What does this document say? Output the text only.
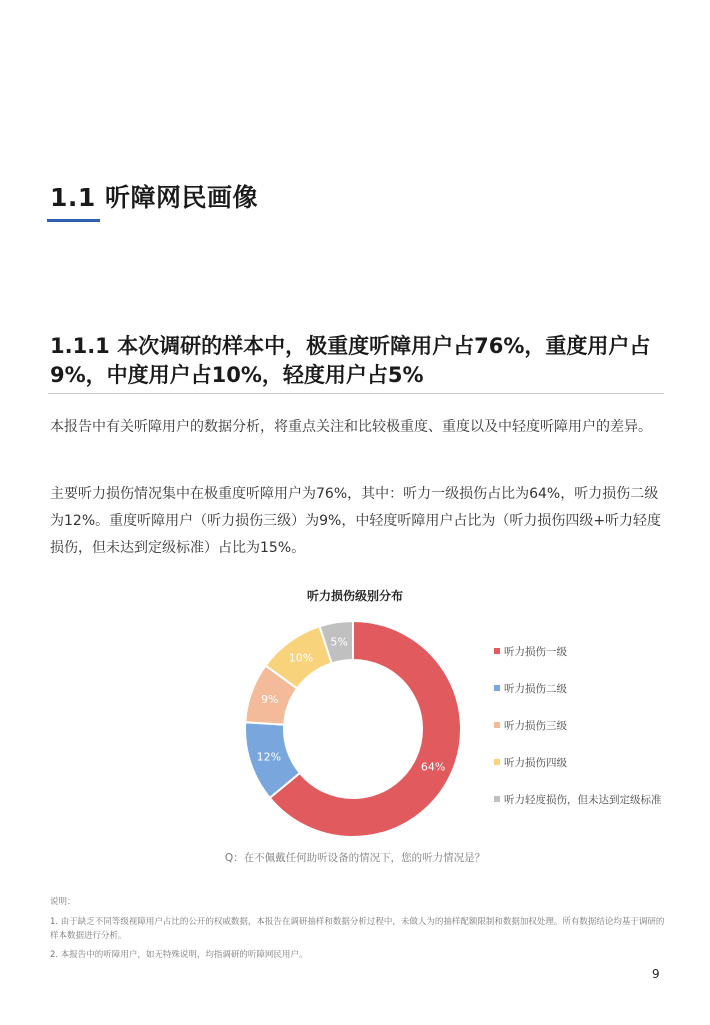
1.1 听障网民画像
1.1.1 本次调研的样本中，极重度听障用户占76%，重度用户占9%，中度用户占10%，轻度用户占5%

本报告中有关听障用户的数据分析，将重点关注和比较极重度、重度以及中轻度听障用户的差异。

主要听力损伤情况集中在极重度听障用户为76%，其中：听力一级损伤占比为64%，听力损伤二级为12%。重度听障用户（听力损伤三级）为9%，中轻度听障用户占比为（听力损伤四级+听力轻度损伤，但未达到定级标准）占比为15%。

听力损伤级别分布
64%
12%
9%
10%
5%
听力损伤一级
听力损伤二级
听力损伤三级
听力损伤四级
听力轻度损伤，但未达到定级标准
Q：在不佩戴任何助听设备的情况下，您的听力情况是？

说明：

1. 由于缺乏不同等级视障用户占比的公开的权威数据，本报告在调研抽样和数据分析过程中，未做人为的抽样配额限制和数据加权处理。所有数据结论均基于调研的样本数据进行分析。

2. 本报告中的听障用户，如无特殊说明，均指调研的听障网民用户。

9
